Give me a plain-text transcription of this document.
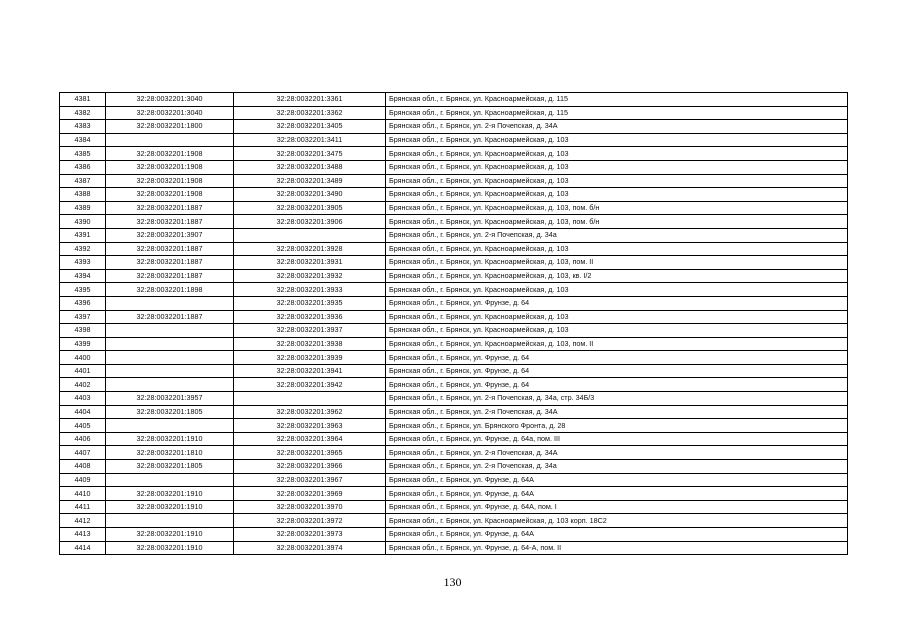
4381	32:28:0032201:3040	32:28:0032201:3361	Брянская обл., г. Брянск, ул. Красноармейская, д. 115
4382	32:28:0032201:3040	32:28:0032201:3362	Брянская обл., г. Брянск, ул. Красноармейская, д. 115
4383	32:28:0032201:1800	32:28:0032201:3405	Брянская обл., г. Брянск, ул. 2-я Почепская, д. 34А
4384		32:28:0032201:3411	Брянская обл., г. Брянск, ул. Красноармейская, д. 103
4385	32:28:0032201:1908	32:28:0032201:3475	Брянская обл., г. Брянск, ул. Красноармейская, д. 103
4386	32:28:0032201:1908	32:28:0032201:3488	Брянская обл., г. Брянск, ул. Красноармейская, д. 103
4387	32:28:0032201:1908	32:28:0032201:3489	Брянская обл., г. Брянск, ул. Красноармейская, д. 103
4388	32:28:0032201:1908	32:28:0032201:3490	Брянская обл., г. Брянск, ул. Красноармейская, д. 103
4389	32:28:0032201:1887	32:28:0032201:3905	Брянская обл., г. Брянск, ул. Красноармейская, д. 103, пом. б/н
4390	32:28:0032201:1887	32:28:0032201:3906	Брянская обл., г. Брянск, ул. Красноармейская, д. 103, пом. б/н
4391	32:28:0032201:3907		Брянская обл., г. Брянск, ул. 2-я Почепская, д. 34а
4392	32:28:0032201:1887	32:28:0032201:3928	Брянская обл., г. Брянск, ул. Красноармейская, д. 103
4393	32:28:0032201:1887	32:28:0032201:3931	Брянская обл., г. Брянск, ул. Красноармейская, д. 103, пом. II
4394	32:28:0032201:1887	32:28:0032201:3932	Брянская обл., г. Брянск, ул. Красноармейская, д. 103, кв. I/2
4395	32:28:0032201:1898	32:28:0032201:3933	Брянская обл., г. Брянск, ул. Красноармейская, д. 103
4396		32:28:0032201:3935	Брянская обл., г. Брянск, ул. Фрунзе, д. 64
4397	32:28:0032201:1887	32:28:0032201:3936	Брянская обл., г. Брянск, ул. Красноармейская, д. 103
4398		32:28:0032201:3937	Брянская обл., г. Брянск, ул. Красноармейская, д. 103
4399		32:28:0032201:3938	Брянская обл., г. Брянск, ул. Красноармейская, д. 103, пом. II
4400		32:28:0032201:3939	Брянская обл., г. Брянск, ул. Фрунзе, д. 64
4401		32:28:0032201:3941	Брянская обл., г. Брянск, ул. Фрунзе, д. 64
4402		32:28:0032201:3942	Брянская обл., г. Брянск, ул. Фрунзе, д. 64
4403	32:28:0032201:3957		Брянская обл., г. Брянск, ул. 2-я Почепская, д. 34а, стр. 34Б/3
4404	32:28:0032201:1805	32:28:0032201:3962	Брянская обл., г. Брянск, ул. 2-я Почепская, д. 34А
4405		32:28:0032201:3963	Брянская обл., г. Брянск, ул. Брянского Фронта, д. 28
4406	32:28:0032201:1910	32:28:0032201:3964	Брянская обл., г. Брянск, ул. Фрунзе, д. 64а, пом. III
4407	32:28:0032201:1810	32:28:0032201:3965	Брянская обл., г. Брянск, ул. 2-я Почепская, д. 34А
4408	32:28:0032201:1805	32:28:0032201:3966	Брянская обл., г. Брянск, ул. 2-я Почепская, д. 34а
4409		32:28:0032201:3967	Брянская обл., г. Брянск, ул. Фрунзе, д. 64А
4410	32:28:0032201:1910	32:28:0032201:3969	Брянская обл., г. Брянск, ул. Фрунзе, д. 64А
4411	32:28:0032201:1910	32:28:0032201:3970	Брянская обл., г. Брянск, ул. Фрунзе, д. 64А, пом. I
4412		32:28:0032201:3972	Брянская обл., г. Брянск, ул. Красноармейская, д. 103 корп. 18С2
4413	32:28:0032201:1910	32:28:0032201:3973	Брянская обл., г. Брянск, ул. Фрунзе, д. 64А
4414	32:28:0032201:1910	32:28:0032201:3974	Брянская обл., г. Брянск, ул. Фрунзе, д. 64-А, пом. II
130
